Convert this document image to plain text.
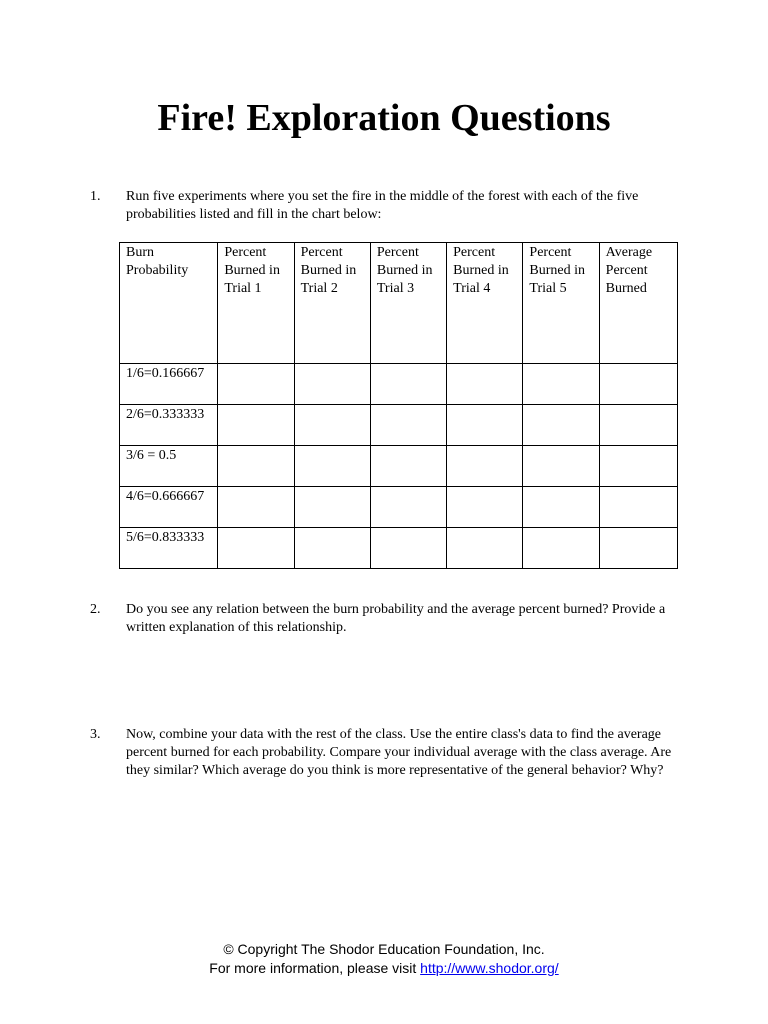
Fire! Exploration Questions
1.	Run five experiments where you set the fire in the middle of the forest with each of the five probabilities listed and fill in the chart below:
Burn Probability	Percent Burned in Trial 1	Percent Burned in Trial 2	Percent Burned in Trial 3	Percent Burned in Trial 4	Percent Burned in Trial 5	Average Percent Burned
1/6=0.166667						
2/6=0.333333						
3/6 = 0.5						
4/6=0.666667						
5/6=0.833333						
2.	Do you see any relation between the burn probability and the average percent burned? Provide a written explanation of this relationship.
3.	Now, combine your data with the rest of the class. Use the entire class's data to find the average percent burned for each probability. Compare your individual average with the class average. Are they similar? Which average do you think is more representative of the general behavior? Why?
© Copyright The Shodor Education Foundation, Inc.
For more information, please visit http://www.shodor.org/
